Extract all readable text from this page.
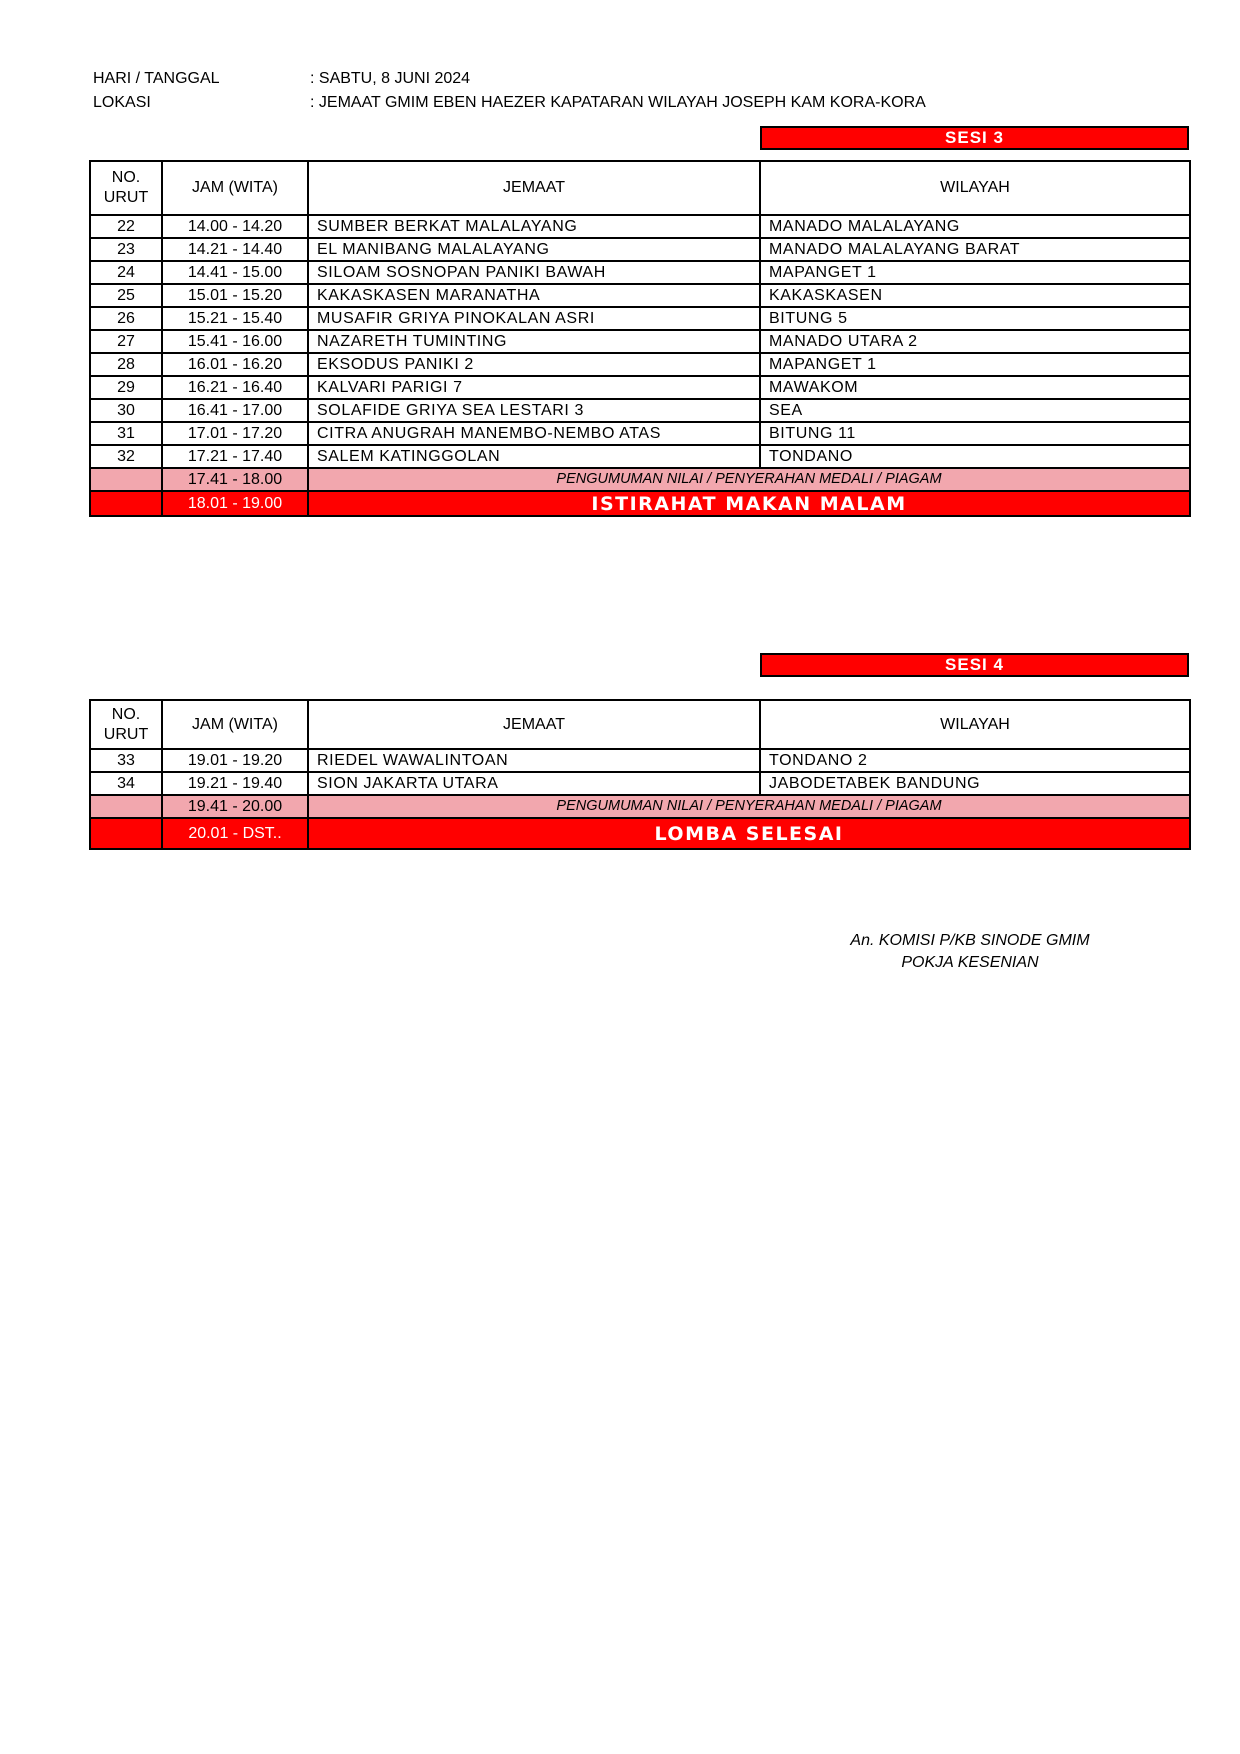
HARI / TANGGAL	: SABTU, 8 JUNI 2024
LOKASI	: JEMAAT GMIM EBEN HAEZER KAPATARAN WILAYAH JOSEPH KAM KORA-KORA
SESI 3
NO.
URUT	JAM (WITA)	JEMAAT	WILAYAH
22	14.00 - 14.20	SUMBER BERKAT MALALAYANG	MANADO MALALAYANG
23	14.21 - 14.40	EL MANIBANG MALALAYANG	MANADO MALALAYANG BARAT
24	14.41 - 15.00	SILOAM SOSNOPAN PANIKI BAWAH	MAPANGET 1
25	15.01 - 15.20	KAKASKASEN MARANATHA	KAKASKASEN
26	15.21 - 15.40	MUSAFIR GRIYA PINOKALAN ASRI	BITUNG 5
27	15.41 - 16.00	NAZARETH TUMINTING	MANADO UTARA 2
28	16.01 - 16.20	EKSODUS PANIKI 2	MAPANGET 1
29	16.21 - 16.40	KALVARI PARIGI 7	MAWAKOM
30	16.41 - 17.00	SOLAFIDE GRIYA SEA LESTARI 3	SEA
31	17.01 - 17.20	CITRA ANUGRAH MANEMBO-NEMBO ATAS	BITUNG 11
32	17.21 - 17.40	SALEM KATINGGOLAN	TONDANO
	17.41 - 18.00	PENGUMUMAN NILAI / PENYERAHAN MEDALI / PIAGAM	
	18.01 - 19.00	ISTIRAHAT MAKAN MALAM	
SESI 4
NO.
URUT	JAM (WITA)	JEMAAT	WILAYAH
33	19.01 - 19.20	RIEDEL WAWALINTOAN	TONDANO 2
34	19.21 - 19.40	SION JAKARTA UTARA	JABODETABEK BANDUNG
	19.41 - 20.00	PENGUMUMAN NILAI / PENYERAHAN MEDALI / PIAGAM	
	20.01 - DST..	LOMBA SELESAI	
An. KOMISI P/KB SINODE GMIM
POKJA KESENIAN
